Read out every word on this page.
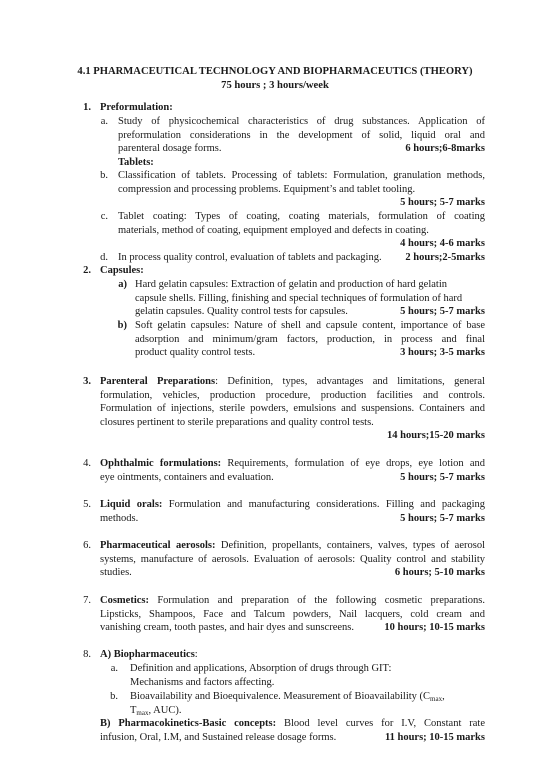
4.1 PHARMACEUTICAL TECHNOLOGY AND BIOPHARMACEUTICS (THEORY)
75 hours ; 3 hours/week
1. Preformulation:
a. Study of physicochemical characteristics of drug substances. Application of
preformulation considerations in the development of solid, liquid oral and
parenteral dosage forms.	6 hours;6-8marks
Tablets:
b. Classification of tablets. Processing of tablets: Formulation, granulation methods,
compression and processing problems. Equipment’s and tablet tooling.
5 hours; 5-7 marks
c. Tablet coating: Types of coating, coating materials, formulation of coating
materials, method of coating, equipment employed and defects in coating.
4 hours; 4-6 marks
d. In process quality control, evaluation of tablets and packaging. 2 hours;2-5marks
2. Capsules:
a) Hard gelatin capsules: Extraction of gelatin and production of hard gelatin
capsule shells. Filling, finishing and special techniques of formulation of hard
gelatin capsules. Quality control tests for capsules.	5 hours; 5-7 marks
b) Soft gelatin capsules: Nature of shell and capsule content, importance of base
adsorption and minimum/gram factors, production, in process and final
product quality control tests.	3 hours; 3-5 marks
3. Parenteral Preparations: Definition, types, advantages and limitations, general
formulation, vehicles, production procedure, production facilities and controls.
Formulation of injections, sterile powders, emulsions and suspensions. Containers and
closures pertinent to sterile preparations and quality control tests.
14 hours;15-20 marks
4. Ophthalmic formulations: Requirements, formulation of eye drops, eye lotion and
eye ointments, containers and evaluation.	5 hours; 5-7 marks
5. Liquid orals: Formulation and manufacturing considerations. Filling and packaging
methods.	5 hours; 5-7 marks
6. Pharmaceutical aerosols: Definition, propellants, containers, valves, types of aerosol
systems, manufacture of aerosols. Evaluation of aerosols: Quality control and stability
studies.	6 hours; 5-10 marks
7. Cosmetics: Formulation and preparation of the following cosmetic preparations.
Lipsticks, Shampoos, Face and Talcum powders, Nail lacquers, cold cream and
vanishing cream, tooth pastes, and hair dyes and sunscreens.	10 hours; 10-15 marks
8. A) Biopharmaceutics:
a. Definition and applications, Absorption of drugs through GIT:
Mechanisms and factors affecting.
b. Bioavailability and Bioequivalence. Measurement of Bioavailability ($C_{max}$,
$T_{max}$, AUC).
B) Pharmacokinetics-Basic concepts: Blood level curves for I.V, Constant rate
infusion, Oral, I.M, and Sustained release dosage forms.	11 hours; 10-15 marks
